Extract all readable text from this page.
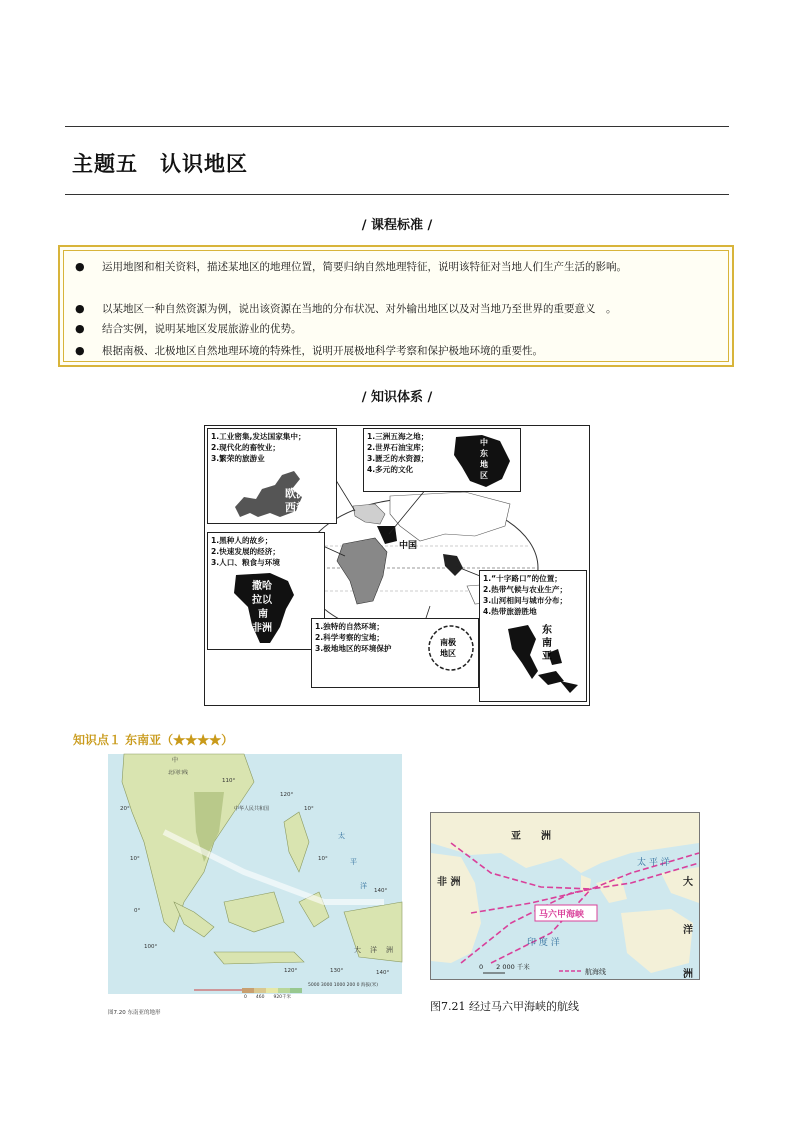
主题五　认识地区
/ 课程标准 /
● 运用地图和相关资料，描述某地区的地理位置，简要归纳自然地理特征，说明该特征对当地人们生产生活的影响。
● 以某地区一种自然资源为例，说出该资源在当地的分布状况、对外输出地区以及对当地乃至世界的重要意义　。
● 结合实例，说明某地区发展旅游业的优势。
● 根据南极、北极地区自然地理环境的特殊性，说明开展极地科学考察和保护极地环境的重要性。
/ 知识体系 /
1.工业密集,发达国家集中；
2.现代化的畜牧业；
3.繁荣的旅游业
欧洲
西部
1.三洲五海之地；
2.世界石油宝库；
3.匮乏的水资源；
4.多元的文化
中
东
地
区
1.黑种人的故乡；
2.快速发展的经济；
3.人口、粮食与环境
撒哈
拉以
南
非洲
中国
1.“十字路口”的位置；
2.热带气候与农业生产；
3.山河相间与城市分布；
4.热带旅游胜地
东
南
亚
1.独特的自然环境；
2.科学考察的宝地；
3.极地地区的环境保护
南极
地区
知识点１ 东南亚（★★★★）
北回归线
中华人民共和国
中
110°
120°
20°
10°
0°
100°
10°
10°
140°
120°	130°	140°
太
平
洋
大 洋 洲
5000 3000 1000 200 0 海拔(米)
0　　460　　920千米
图7.20 东南亚的地形
亚　　洲
非 洲
太 平 洋
大
洋
洲
印 度 洋
马六甲海峡
0　　2 000 千米
航海线
图7.21 经过马六甲海峡的航线
